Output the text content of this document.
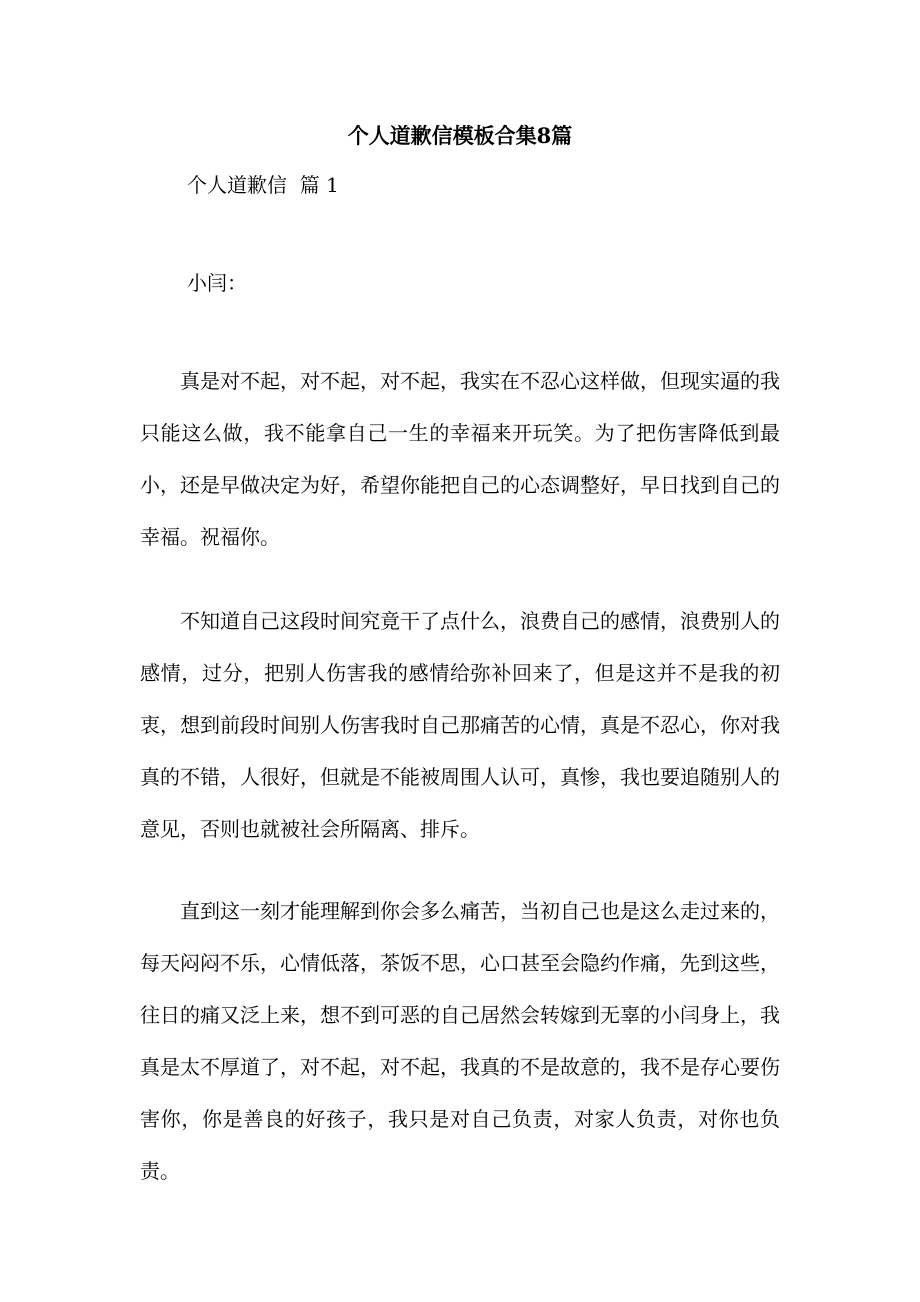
个人道歉信模板合集8篇
个人道歉信  篇 1
小闫：

真是对不起，对不起，对不起，我实在不忍心这样做，但现实逼的我只能这么做，我不能拿自己一生的幸福来开玩笑。为了把伤害降低到最小，还是早做决定为好，希望你能把自己的心态调整好，早日找到自己的幸福。祝福你。

不知道自己这段时间究竟干了点什么，浪费自己的感情，浪费别人的感情，过分，把别人伤害我的感情给弥补回来了，但是这并不是我的初衷，想到前段时间别人伤害我时自己那痛苦的心情，真是不忍心，你对我真的不错，人很好，但就是不能被周围人认可，真惨，我也要追随别人的意见，否则也就被社会所隔离、排斥。

直到这一刻才能理解到你会多么痛苦，当初自己也是这么走过来的，每天闷闷不乐，心情低落，茶饭不思，心口甚至会隐约作痛，先到这些，往日的痛又泛上来，想不到可恶的自己居然会转嫁到无辜的小闫身上，我真是太不厚道了，对不起，对不起，我真的不是故意的，我不是存心要伤害你，你是善良的好孩子，我只是对自己负责，对家人负责，对你也负责。
